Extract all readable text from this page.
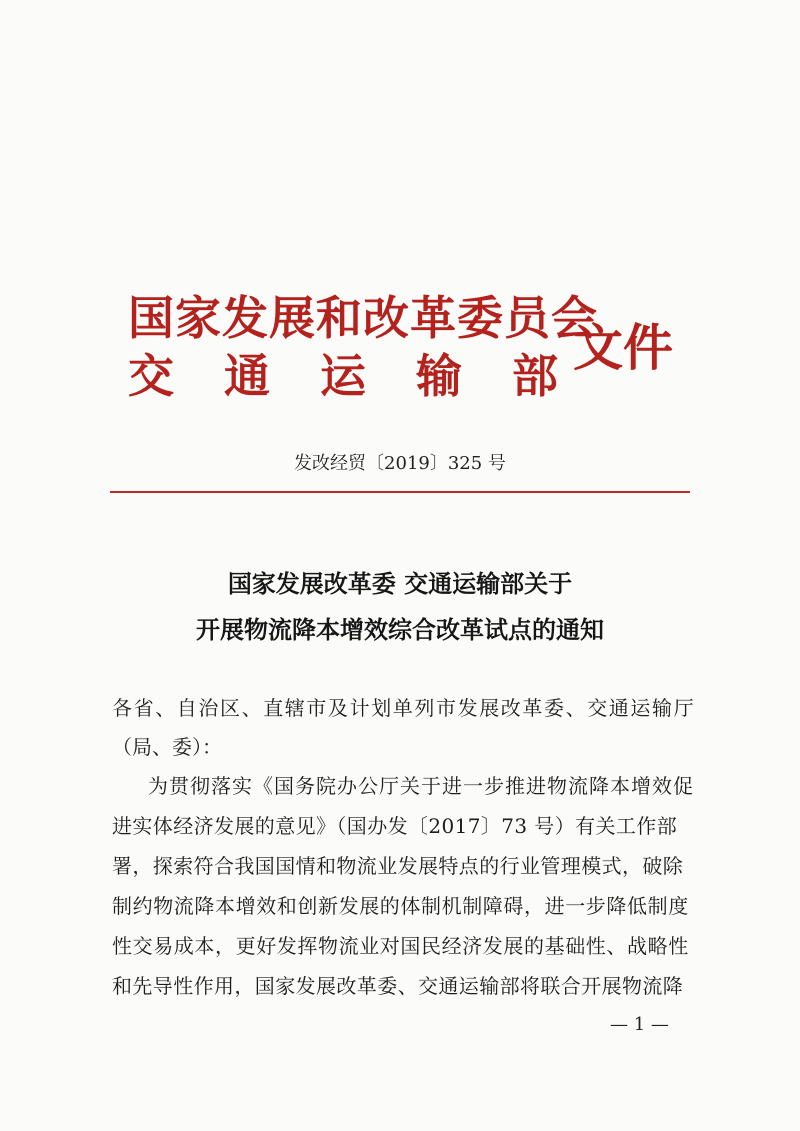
国家发展和改革委员会
交 通 运 输 部 文件
发改经贸〔2019〕325 号
国家发展改革委 交通运输部关于
开展物流降本增效综合改革试点的通知
各省、自治区、直辖市及计划单列市发展改革委、交通运输厅
（局、委）：
为贯彻落实《国务院办公厅关于进一步推进物流降本增效促
进实体经济发展的意见》（国办发〔2017〕73 号）有关工作部
署，探索符合我国国情和物流业发展特点的行业管理模式，破除
制约物流降本增效和创新发展的体制机制障碍，进一步降低制度
性交易成本，更好发挥物流业对国民经济发展的基础性、战略性
和先导性作用，国家发展改革委、交通运输部将联合开展物流降
— 1 —
